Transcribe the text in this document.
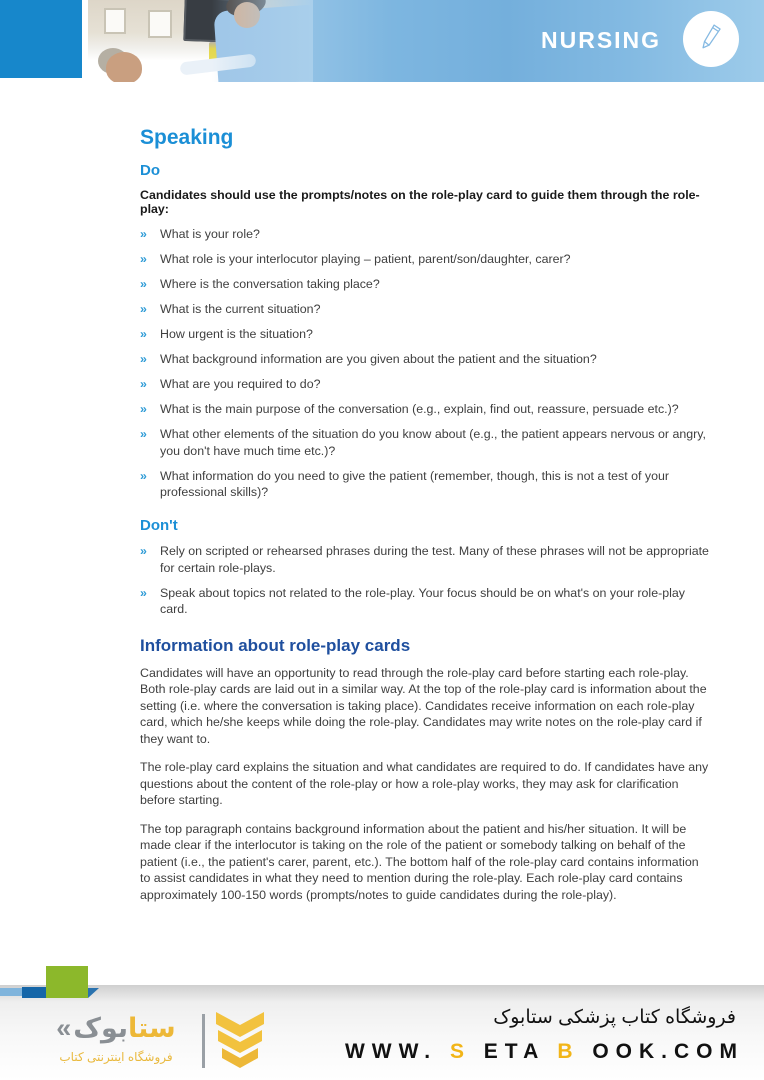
NURSING
Speaking
Do
Candidates should use the prompts/notes on the role-play card to guide them through the role-play:
»	What is your role?
»	What role is your interlocutor playing – patient, parent/son/daughter, carer?
»	Where is the conversation taking place?
»	What is the current situation?
»	How urgent is the situation?
»	What background information are you given about the patient and the situation?
»	What are you required to do?
»	What is the main purpose of the conversation (e.g., explain, find out, reassure, persuade etc.)?
»	What other elements of the situation do you know about (e.g., the patient appears nervous or angry, you don't have much time etc.)?
»	What information do you need to give the patient (remember, though, this is not a test of your professional skills)?
Don't
»	Rely on scripted or rehearsed phrases during the test. Many of these phrases will not be appropriate for certain role-plays.
»	Speak about topics not related to the role-play. Your focus should be on what's on your role-play card.
Information about role-play cards

Candidates will have an opportunity to read through the role-play card before starting each role-play. Both role-play cards are laid out in a similar way. At the top of the role-play card is information about the setting (i.e. where the conversation is taking place). Candidates receive information on each role-play card, which he/she keeps while doing the role-play. Candidates may write notes on the role-play card if they want to.

The role-play card explains the situation and what candidates are required to do. If candidates have any questions about the content of the role-play or how a role-play works, they may ask for clarification before starting.

The top paragraph contains background information about the patient and his/her situation. It will be made clear if the interlocutor is taking on the role of the patient or somebody talking on behalf of the patient (i.e., the patient's carer, parent, etc.). The bottom half of the role-play card contains information to assist candidates in what they need to mention during the role-play. Each role-play card contains approximately 100-150 words (prompts/notes to guide candidates during the role-play).

« بوک ستا
فروشگاه اینترنتی کتاب
فروشگاه کتاب پزشکی ستابوک
WWW. S ETA B OOK.COM
